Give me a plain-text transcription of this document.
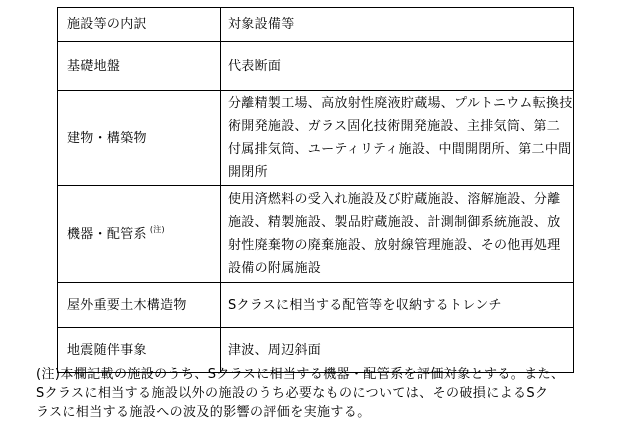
施設等の内訳	対象設備等
基礎地盤	代表断面
建物・構築物	分離精製工場、高放射性廃液貯蔵場、プルトニウム転換技術開発施設、ガラス固化技術開発施設、主排気筒、第二付属排気筒、ユーティリティ施設、中間開閉所、第二中間開閉所
機器・配管系 $^{(注)}$	使用済燃料の受入れ施設及び貯蔵施設、溶解施設、分離施設、精製施設、製品貯蔵施設、計測制御系統施設、放射性廃棄物の廃棄施設、放射線管理施設、その他再処理設備の附属施設
屋外重要土木構造物	Sクラスに相当する配管等を収納するトレンチ
地震随伴事象	津波、周辺斜面

(注)本欄記載の施設のうち、Sクラスに相当する機器・配管系を評価対象とする。また、
Sクラスに相当する施設以外の施設のうち必要なものについては、その破損によるSク
ラスに相当する施設への波及的影響の評価を実施する。
